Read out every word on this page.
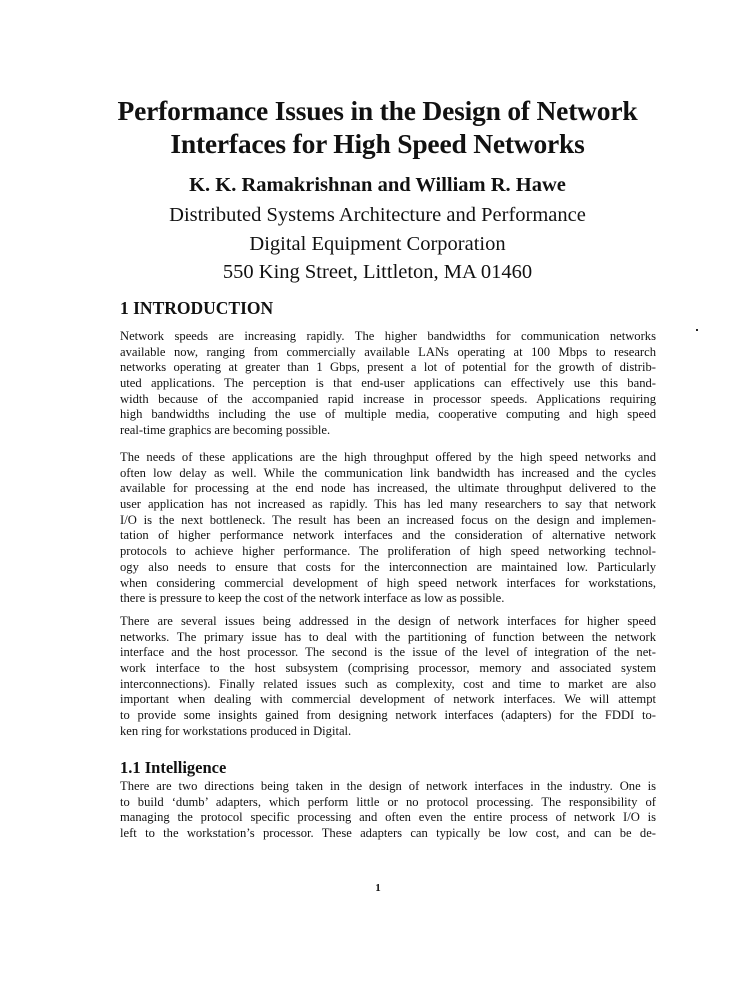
Performance Issues in the Design of Network
Interfaces for High Speed Networks
K. K. Ramakrishnan and William R. Hawe
Distributed Systems Architecture and Performance
Digital Equipment Corporation
550 King Street, Littleton, MA 01460
1 INTRODUCTION
Network speeds are increasing rapidly. The higher bandwidths for communication networks
available now, ranging from commercially available LANs operating at 100 Mbps to research
networks operating at greater than 1 Gbps, present a lot of potential for the growth of distrib-
uted applications. The perception is that end-user applications can effectively use this band-
width because of the accompanied rapid increase in processor speeds. Applications requiring
high bandwidths including the use of multiple media, cooperative computing and high speed
real-time graphics are becoming possible.
The needs of these applications are the high throughput offered by the high speed networks and
often low delay as well. While the communication link bandwidth has increased and the cycles
available for processing at the end node has increased, the ultimate throughput delivered to the
user application has not increased as rapidly. This has led many researchers to say that network
I/O is the next bottleneck. The result has been an increased focus on the design and implemen-
tation of higher performance network interfaces and the consideration of alternative network
protocols to achieve higher performance. The proliferation of high speed networking technol-
ogy also needs to ensure that costs for the interconnection are maintained low. Particularly
when considering commercial development of high speed network interfaces for workstations,
there is pressure to keep the cost of the network interface as low as possible.
There are several issues being addressed in the design of network interfaces for higher speed
networks. The primary issue has to deal with the partitioning of function between the network
interface and the host processor. The second is the issue of the level of integration of the net-
work interface to the host subsystem (comprising processor, memory and associated system
interconnections). Finally related issues such as complexity, cost and time to market are also
important when dealing with commercial development of network interfaces. We will attempt
to provide some insights gained from designing network interfaces (adapters) for the FDDI to-
ken ring for workstations produced in Digital.
1.1 Intelligence
There are two directions being taken in the design of network interfaces in the industry. One is
to build ‘dumb’ adapters, which perform little or no protocol processing. The responsibility of
managing the protocol specific processing and often even the entire process of network I/O is
left to the workstation’s processor. These adapters can typically be low cost, and can be de-
1
